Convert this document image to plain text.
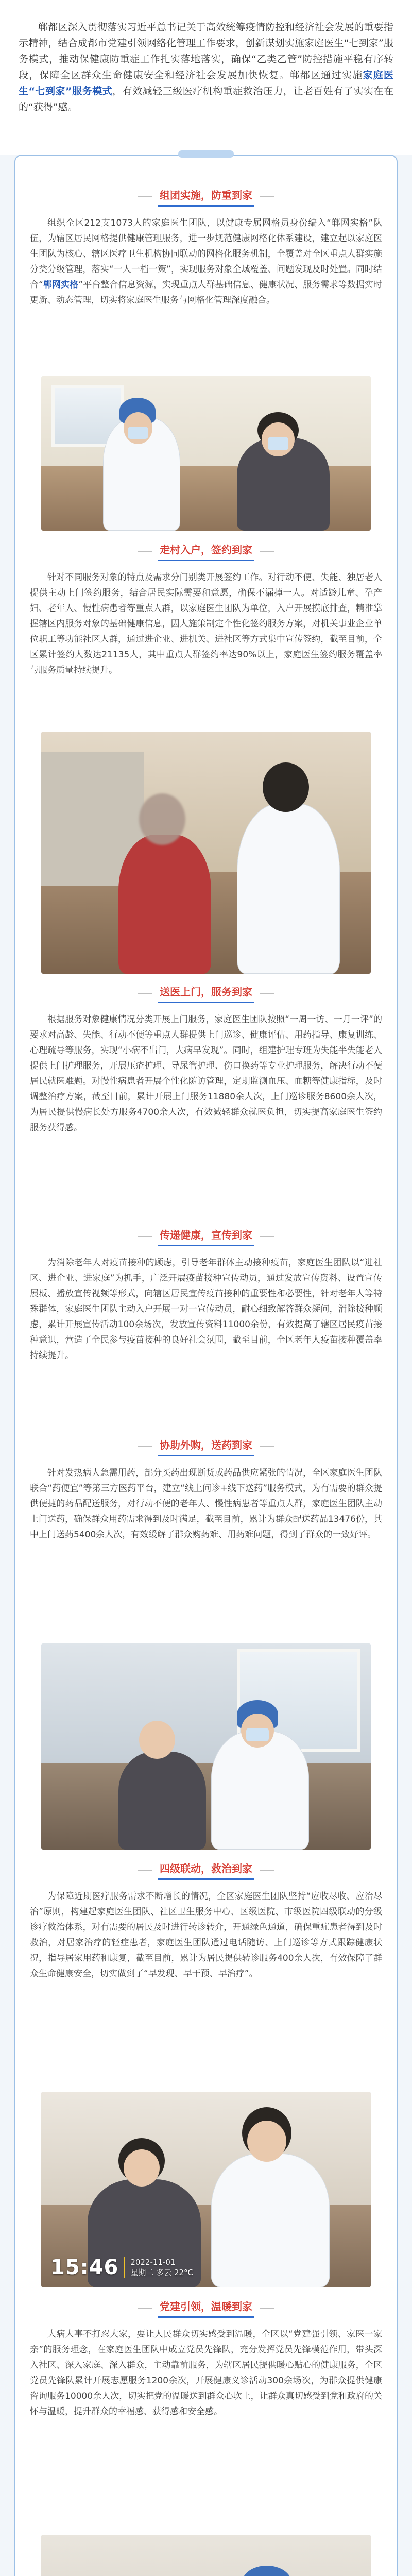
郸都区深入贯彻落实习近平总书记关于高效统筹疫情防控和经济社会发展的重要指示精神，结合成都市党建引领网络化管理工作要求，创新谋划实施家庭医生“七到家”服务模式，推动保健康防重症工作扎实落地落实，确保“乙类乙管”防控措施平稳有序转段，保障全区群众生命健康安全和经济社会发展加快恢复。郸都区通过实施家庭医生“七到家”服务模式，有效减轻三级医疗机构重症救治压力，让老百姓有了实实在在的“获得”感。

组团实施，防重到家

组织全区212支1073人的家庭医生团队，以健康专属网格员身份编入“郸网实格”队伍，为辖区居民网格提供健康管理服务，进一步规范健康网格化体系建设，建立起以家庭医生团队为核心、辖区医疗卫生机构协同联动的网格化服务机制，全覆盖对全区重点人群实施分类分级管理，落实“一人一档一策”，实现服务对象全域覆盖、问题发现及时处置。同时结合“郸网实格”平台整合信息资源，实现重点人群基础信息、健康状况、服务需求等数据实时更新、动态管理，切实将家庭医生服务与网格化管理深度融合。

走村入户，签约到家

针对不同服务对象的特点及需求分门别类开展签约工作。对行动不便、失能、独居老人提供主动上门签约服务，结合居民实际需要和意愿，确保不漏掉一人。对适龄儿童、孕产妇、老年人、慢性病患者等重点人群，以家庭医生团队为单位，入户开展摸底排查，精准掌握辖区内服务对象的基础健康信息，因人施策制定个性化签约服务方案，对机关事业企业单位职工等功能社区人群，通过进企业、进机关、进社区等方式集中宣传签约，截至目前，全区累计签约人数达21135人，其中重点人群签约率达90%以上，家庭医生签约服务覆盖率与服务质量持续提升。

送医上门，服务到家

根据服务对象健康情况分类开展上门服务，家庭医生团队按照“一周一访、一月一评”的要求对高龄、失能、行动不便等重点人群提供上门巡诊、健康评估、用药指导、康复训练、心理疏导等服务，实现“小病不出门，大病早发现”。同时，组建护理专班为失能半失能老人提供上门护理服务，开展压疮护理、导尿管护理、伤口换药等专业护理服务，解决行动不便居民就医难题。对慢性病患者开展个性化随访管理，定期监测血压、血糖等健康指标，及时调整治疗方案，截至目前，累计开展上门服务11880余人次，上门巡诊服务8600余人次，为居民提供慢病长处方服务4700余人次，有效减轻群众就医负担，切实提高家庭医生签约服务获得感。

传递健康，宣传到家

为消除老年人对疫苗接种的顾虑，引导老年群体主动接种疫苗，家庭医生团队以“进社区、进企业、进家庭”为抓手，广泛开展疫苗接种宣传动员，通过发放宣传资料、设置宣传展板、播放宣传视频等形式，向辖区居民宣传疫苗接种的重要性和必要性，针对老年人等特殊群体，家庭医生团队主动入户开展一对一宣传动员，耐心细致解答群众疑问，消除接种顾虑，累计开展宣传活动100余场次，发放宣传资料11000余份，有效提高了辖区居民疫苗接种意识，营造了全民参与疫苗接种的良好社会氛围，截至目前，全区老年人疫苗接种覆盖率持续提升。

协助外购，送药到家

针对发热病人急需用药，部分买药出现断货或药品供应紧张的情况，全区家庭医生团队联合“药便宜”等第三方医药平台，建立“线上问诊+线下送药”服务模式，为有需要的群众提供便捷的药品配送服务，对行动不便的老年人、慢性病患者等重点人群，家庭医生团队主动上门送药，确保群众用药需求得到及时满足，截至目前，累计为群众配送药品13476份，其中上门送药5400余人次，有效缓解了群众购药难、用药难问题，得到了群众的一致好评。

四级联动，救治到家

为保障近期医疗服务需求不断增长的情况，全区家庭医生团队坚持“应收尽收、应治尽治”原则，构建起家庭医生团队、社区卫生服务中心、区级医院、市级医院四级联动的分级诊疗救治体系，对有需要的居民及时进行转诊转介，开通绿色通道，确保重症患者得到及时救治，对居家治疗的轻症患者，家庭医生团队通过电话随访、上门巡诊等方式跟踪健康状况，指导居家用药和康复，截至目前，累计为居民提供转诊服务400余人次，有效保障了群众生命健康安全，切实做到了“早发现、早干预、早治疗”。

15:46 2022-11-01
星期二 多云 22°C
党建引领，温暖到家

大病大事不打忍大家，要让人民群众切实感受到温暖，全区以“党建强引领、家医一家亲”的服务理念，在家庭医生团队中成立党员先锋队，充分发挥党员先锋模范作用，带头深入社区、深入家庭、深入群众，主动靠前服务，为辖区居民提供暖心贴心的健康服务，全区党员先锋队累计开展志愿服务1200余次，开展健康义诊活动300余场次，为群众提供健康咨询服务10000余人次，切实把党的温暖送到群众心坎上，让群众真切感受到党和政府的关怀与温暖，提升群众的幸福感、获得感和安全感。
